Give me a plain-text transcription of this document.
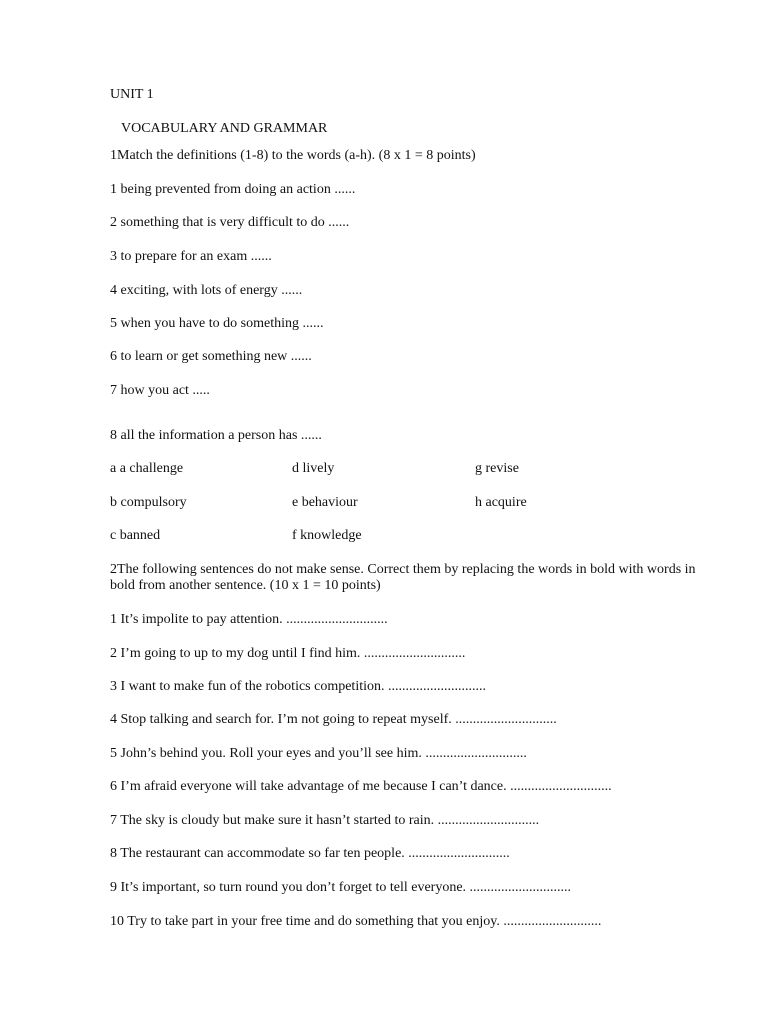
UNIT 1
VOCABULARY AND GRAMMAR
1Match the definitions (1-8) to the words (a-h). (8 x 1 = 8 points)
1 being prevented from doing an action ......
2 something that is very difficult to do ......
3 to prepare for an exam ......
4 exciting, with lots of energy ......
5 when you have to do something ......
6 to learn or get something new ......
7 how you act .....
8 all the information a person has ......
a a challenge	d lively	g revise
b compulsory	e behaviour	h acquire
c banned	f knowledge
2The following sentences do not make sense. Correct them by replacing the words in bold with words in bold from another sentence. (10 x 1 = 10 points)
1 It’s impolite to pay attention. .............................
2 I’m going to up to my dog until I find him. .............................
3 I want to make fun of the robotics competition. ............................
4 Stop talking and search for. I’m not going to repeat myself. .............................
5 John’s behind you. Roll your eyes and you’ll see him. .............................
6 I’m afraid everyone will take advantage of me because I can’t dance. .............................
7 The sky is cloudy but make sure it hasn’t started to rain. .............................
8 The restaurant can accommodate so far ten people. .............................
9 It’s important, so turn round you don’t forget to tell everyone. .............................
10 Try to take part in your free time and do something that you enjoy. ............................
